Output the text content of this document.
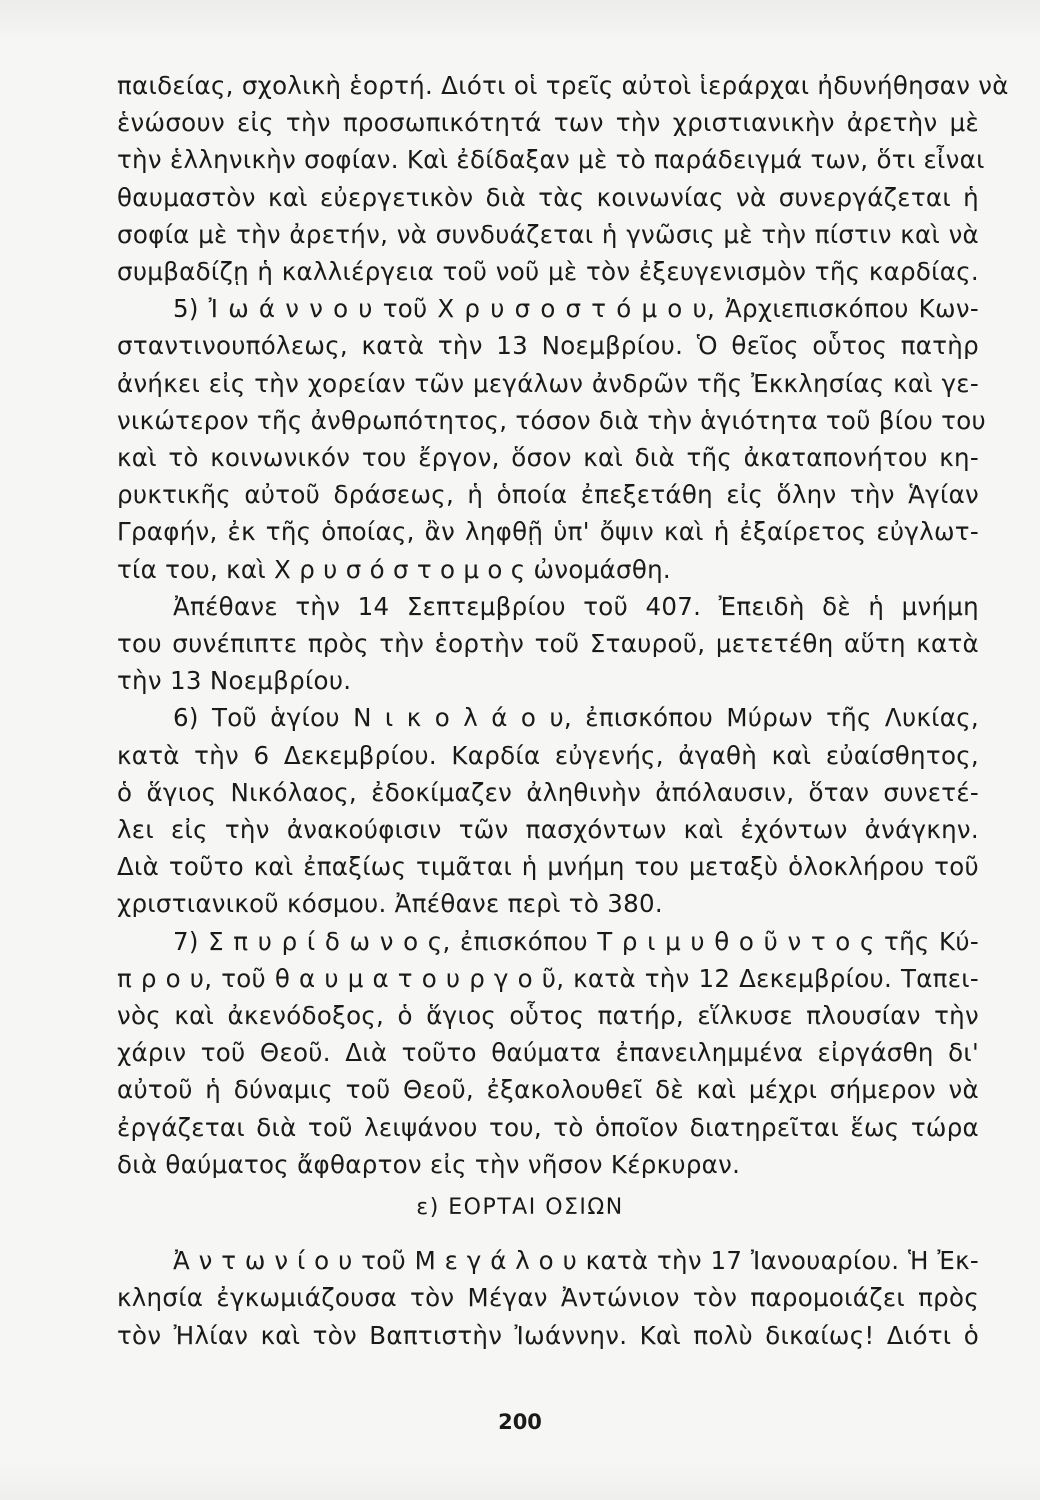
παιδείας, σχολικὴ ἑορτή. Διότι οἱ τρεῖς αὐτοὶ ἱεράρχαι ἠδυνήθησαν νὰ
ἑνώσουν εἰς τὴν προσωπικότητά των τὴν χριστιανικὴν ἀρετὴν μὲ
τὴν ἑλληνικὴν σοφίαν. Καὶ ἐδίδαξαν μὲ τὸ παράδειγμά των, ὅτι εἶναι
θαυμαστὸν καὶ εὐεργετικὸν διὰ τὰς κοινωνίας νὰ συνεργάζεται ἡ
σοφία μὲ τὴν ἀρετήν, νὰ συνδυάζεται ἡ γνῶσις μὲ τὴν πίστιν καὶ νὰ
συμβαδίζῃ ἡ καλλιέργεια τοῦ νοῦ μὲ τὸν ἐξευγενισμὸν τῆς καρδίας.
5) Ἰ ω ά ν ν ο υ τοῦ Χ ρ υ σ ο σ τ ό μ ο υ, Ἀρχιεπισκόπου Κων-
σταντινουπόλεως, κατὰ τὴν 13 Νοεμβρίου. Ὁ θεῖος οὗτος πατὴρ
ἀνήκει εἰς τὴν χορείαν τῶν μεγάλων ἀνδρῶν τῆς Ἐκκλησίας καὶ γε-
νικώτερον τῆς ἀνθρωπότητος, τόσον διὰ τὴν ἁγιότητα τοῦ βίου του
καὶ τὸ κοινωνικόν του ἔργον, ὅσον καὶ διὰ τῆς ἀκαταπονήτου κη-
ρυκτικῆς αὐτοῦ δράσεως, ἡ ὁποία ἐπεξετάθη εἰς ὅλην τὴν Ἁγίαν
Γραφήν, ἐκ τῆς ὁποίας, ἂν ληφθῇ ὑπ' ὄψιν καὶ ἡ ἐξαίρετος εὐγλωτ-
τία του, καὶ Χ ρ υ σ ό σ τ ο μ ο ς ὠνομάσθη.
Ἀπέθανε τὴν 14 Σεπτεμβρίου τοῦ 407. Ἐπειδὴ δὲ ἡ μνήμη
του συνέπιπτε πρὸς τὴν ἑορτὴν τοῦ Σταυροῦ, μετετέθη αὕτη κατὰ
τὴν 13 Νοεμβρίου.
6) Τοῦ ἁγίου Ν ι κ ο λ ά ο υ, ἐπισκόπου Μύρων τῆς Λυκίας,
κατὰ τὴν 6 Δεκεμβρίου. Καρδία εὐγενής, ἀγαθὴ καὶ εὐαίσθητος,
ὁ ἅγιος Νικόλαος, ἐδοκίμαζεν ἀληθινὴν ἀπόλαυσιν, ὅταν συνετέ-
λει εἰς τὴν ἀνακούφισιν τῶν πασχόντων καὶ ἐχόντων ἀνάγκην.
Διὰ τοῦτο καὶ ἐπαξίως τιμᾶται ἡ μνήμη του μεταξὺ ὁλοκλήρου τοῦ
χριστιανικοῦ κόσμου. Ἀπέθανε περὶ τὸ 380.
7) Σ π υ ρ ί δ ω ν ο ς, ἐπισκόπου Τ ρ ι μ υ θ ο ῦ ν τ ο ς τῆς Κύ-
π ρ ο υ, τοῦ θ α υ μ α τ ο υ ρ γ ο ῦ, κατὰ τὴν 12 Δεκεμβρίου. Ταπει-
νὸς καὶ ἀκενόδοξος, ὁ ἅγιος οὗτος πατήρ, εἵλκυσε πλουσίαν τὴν
χάριν τοῦ Θεοῦ. Διὰ τοῦτο θαύματα ἐπανειλημμένα εἰργάσθη δι'
αὐτοῦ ἡ δύναμις τοῦ Θεοῦ, ἐξακολουθεῖ δὲ καὶ μέχρι σήμερον νὰ
ἐργάζεται διὰ τοῦ λειψάνου του, τὸ ὁποῖον διατηρεῖται ἕως τώρα
διὰ θαύματος ἄφθαρτον εἰς τὴν νῆσον Κέρκυραν.
ε) ΕΟΡΤΑΙ ΟΣΙΩΝ
Ἀ ν τ ω ν ί ο υ τοῦ Μ ε γ ά λ ο υ κατὰ τὴν 17 Ἰανουαρίου. Ἡ Ἐκ-
κλησία ἐγκωμιάζουσα τὸν Μέγαν Ἀντώνιον τὸν παρομοιάζει πρὸς
τὸν Ἠλίαν καὶ τὸν Βαπτιστὴν Ἰωάννην. Καὶ πολὺ δικαίως! Διότι ὁ
200
